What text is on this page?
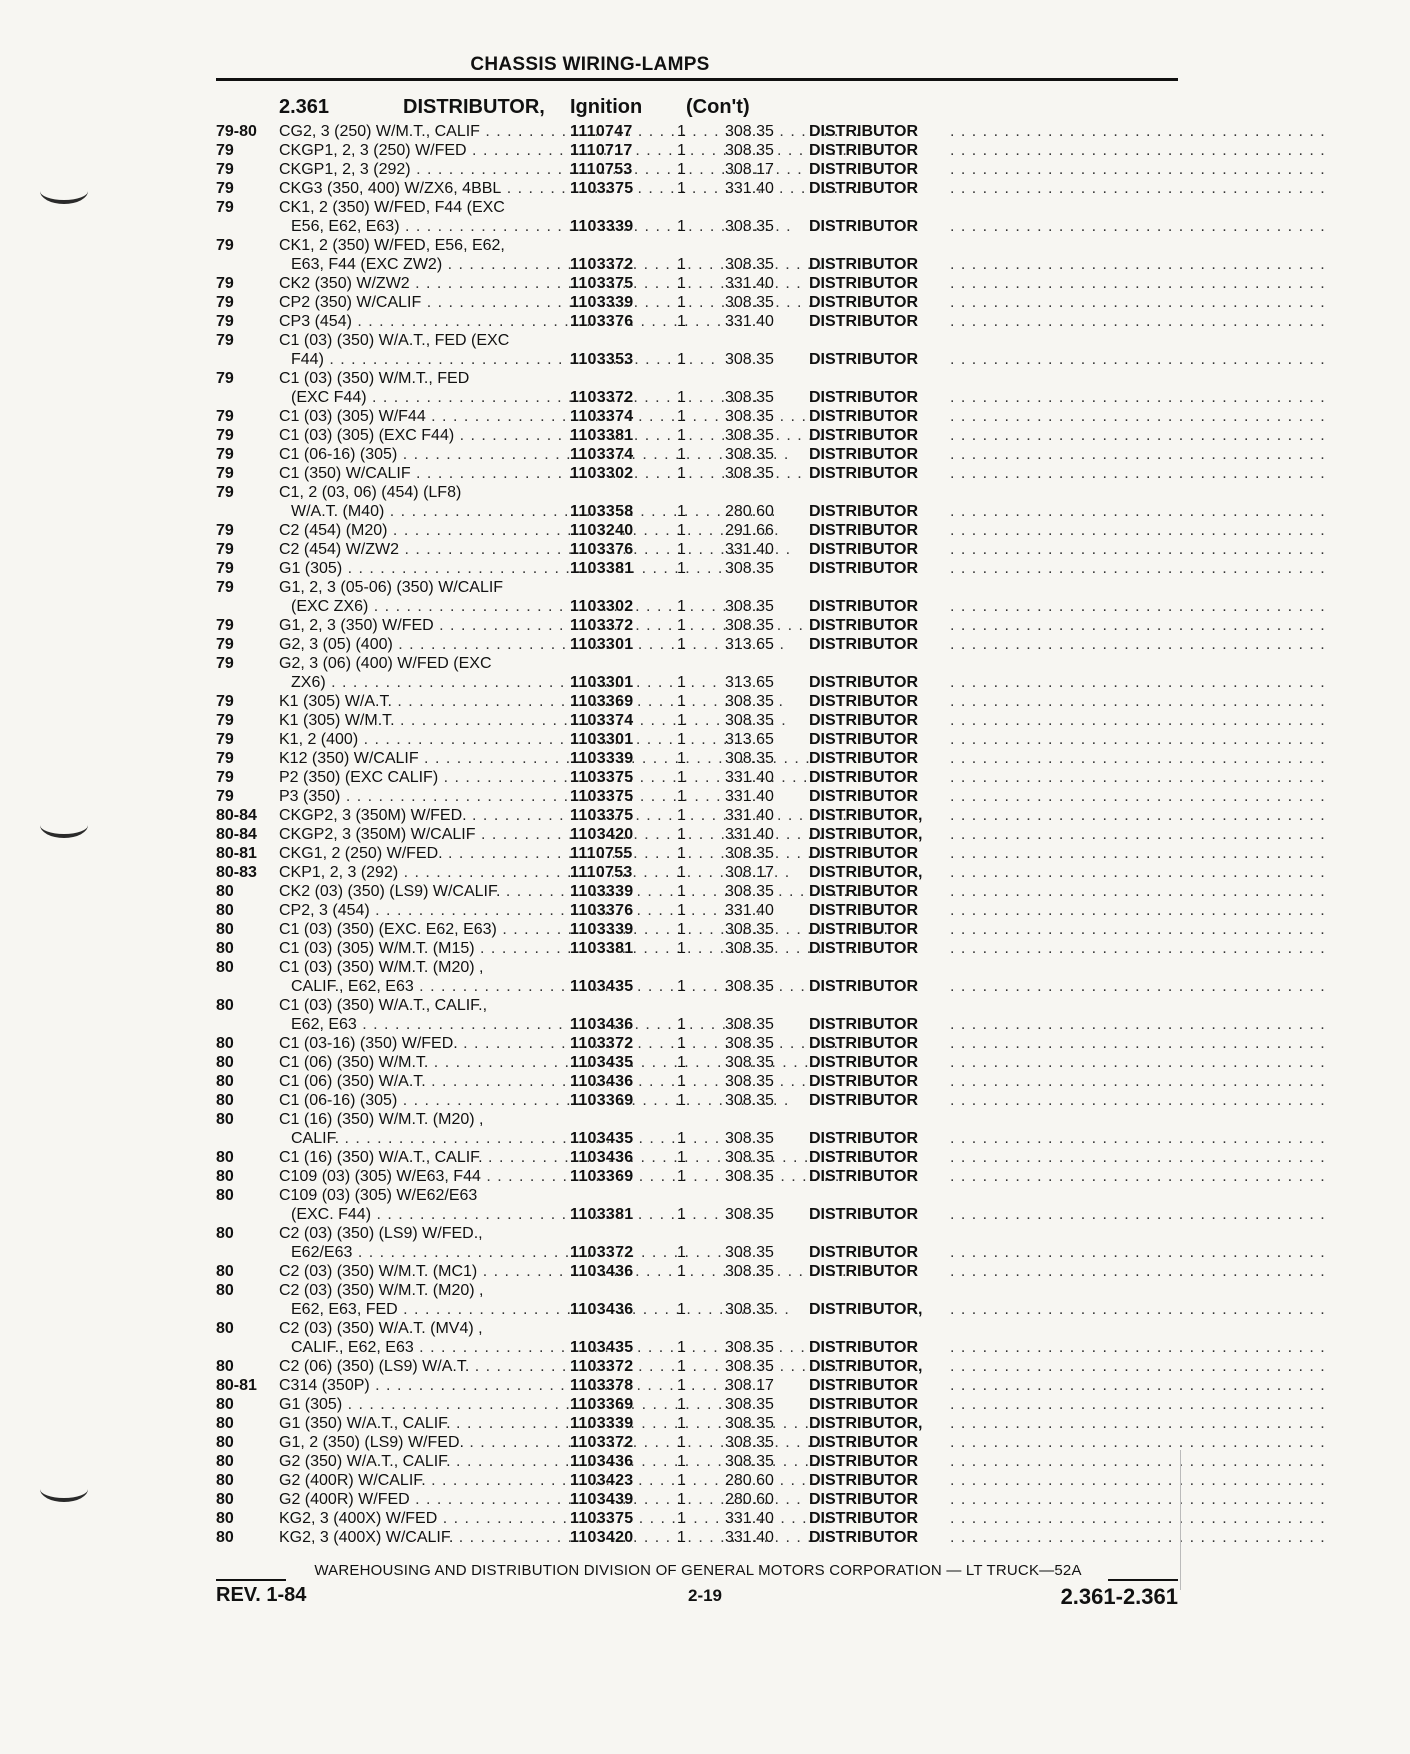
CHASSIS WIRING-LAMPS
2.361	DISTRIBUTOR, Ignition (Con't)
79-80 CG2, 3 (250) W/M.T., CALIF . . .	1110747	1 308.35 DISTRIBUTOR . . . . . . . . . . . . . . . . . . . . . . . . . . . . . . . . . . .
79	CKGP1, 2, 3 (250) W/FED . . .	1110717	1 308.35 DISTRIBUTOR . . . . . . . . . . . . . . . . . . . . . . . . . . . . . . . . . . .
79	CKGP1, 2, 3 (292) . . .	1110753	1 308.17 DISTRIBUTOR . . . . . . . . . . . . . . . . . . . . . . . . . . . . . . . . . . .
79	CKG3 (350, 400) W/ZX6, 4BBL . . .	1103375	1 331.40 DISTRIBUTOR . . . . . . . . . . . . . . . . . . . . . . . . . . . . . . . . . . .
79	CK1, 2 (350) W/FED, F44 (EXC
E56, E62, E63) . . .	1103339	1 308.35 DISTRIBUTOR . . . . . . . . . . . . . . . . . . . . . . . . . . . . . . . . . . .
79	CK1, 2 (350) W/FED, E56, E62,
E63, F44 (EXC ZW2) . . .	1103372	1 308.35 DISTRIBUTOR . . . . . . . . . . . . . . . . . . . . . . . . . . . . . . . . . . .
79	CK2 (350) W/ZW2 . . .	1103375	1 331.40 DISTRIBUTOR . . . . . . . . . . . . . . . . . . . . . . . . . . . . . . . . . . .
79	CP2 (350) W/CALIF . . .	1103339	1 308.35 DISTRIBUTOR . . . . . . . . . . . . . . . . . . . . . . . . . . . . . . . . . . .
79	CP3 (454) . . .	1103376	1 331.40 DISTRIBUTOR . . . . . . . . . . . . . . . . . . . . . . . . . . . . . . . . . . .
79	C1 (03) (350) W/A.T., FED (EXC
F44) . . .	1103353	1 308.35 DISTRIBUTOR . . . . . . . . . . . . . . . . . . . . . . . . . . . . . . . . . . .
79	C1 (03) (350) W/M.T., FED
(EXC F44) . . .	1103372	1 308.35 DISTRIBUTOR . . . . . . . . . . . . . . . . . . . . . . . . . . . . . . . . . . .
79	C1 (03) (305) W/F44 . . .	1103374	1 308.35 DISTRIBUTOR . . . . . . . . . . . . . . . . . . . . . . . . . . . . . . . . . . .
79	C1 (03) (305) (EXC F44) . . .	1103381	1 308.35 DISTRIBUTOR . . . . . . . . . . . . . . . . . . . . . . . . . . . . . . . . . . .
79	C1 (06-16) (305) . . .	1103374	1 308.35 DISTRIBUTOR . . . . . . . . . . . . . . . . . . . . . . . . . . . . . . . . . . .
79	C1 (350) W/CALIF . . .	1103302	1 308.35 DISTRIBUTOR . . . . . . . . . . . . . . . . . . . . . . . . . . . . . . . . . . .
79	C1, 2 (03, 06) (454) (LF8)
W/A.T. (M40) . . .	1103358	1 280.60 DISTRIBUTOR . . . . . . . . . . . . . . . . . . . . . . . . . . . . . . . . . . .
79	C2 (454) (M20) . . .	1103240	1 291.66 DISTRIBUTOR . . . . . . . . . . . . . . . . . . . . . . . . . . . . . . . . . . .
79	C2 (454) W/ZW2 . . .	1103376	1 331.40 DISTRIBUTOR . . . . . . . . . . . . . . . . . . . . . . . . . . . . . . . . . . .
79	G1 (305) . . .	1103381	1 308.35 DISTRIBUTOR . . . . . . . . . . . . . . . . . . . . . . . . . . . . . . . . . . .
79	G1, 2, 3 (05-06) (350) W/CALIF
(EXC ZX6) . . .	1103302	1 308.35 DISTRIBUTOR . . . . . . . . . . . . . . . . . . . . . . . . . . . . . . . . . . .
79	G1, 2, 3 (350) W/FED . . .	1103372	1 308.35 DISTRIBUTOR . . . . . . . . . . . . . . . . . . . . . . . . . . . . . . . . . . .
79	G2, 3 (05) (400) . . .	1103301	1 313.65 DISTRIBUTOR . . . . . . . . . . . . . . . . . . . . . . . . . . . . . . . . . . .
79	G2, 3 (06) (400) W/FED (EXC
ZX6) . . .	1103301	1 313.65 DISTRIBUTOR . . . . . . . . . . . . . . . . . . . . . . . . . . . . . . . . . . .
79	K1 (305) W/A.T. . . .	1103369	1 308.35 DISTRIBUTOR . . . . . . . . . . . . . . . . . . . . . . . . . . . . . . . . . . .
79	K1 (305) W/M.T. . . .	1103374	1 308.35 DISTRIBUTOR . . . . . . . . . . . . . . . . . . . . . . . . . . . . . . . . . . .
79	K1, 2 (400) . . .	1103301	1 313.65 DISTRIBUTOR . . . . . . . . . . . . . . . . . . . . . . . . . . . . . . . . . . .
79	K12 (350) W/CALIF . . .	1103339	1 308.35 DISTRIBUTOR . . . . . . . . . . . . . . . . . . . . . . . . . . . . . . . . . . .
79	P2 (350) (EXC CALIF) . . .	1103375	1 331.40 DISTRIBUTOR . . . . . . . . . . . . . . . . . . . . . . . . . . . . . . . . . . .
79	P3 (350) . . .	1103375	1 331.40 DISTRIBUTOR . . . . . . . . . . . . . . . . . . . . . . . . . . . . . . . . . . .
80-84 CKGP2, 3 (350M) W/FED. . . .	1103375	1 331.40 DISTRIBUTOR, . . . . . . . . . . . . . . . . . . . . . . . . . . . . . . . . . . .
80-84 CKGP2, 3 (350M) W/CALIF . . .	1103420	1 331.40 DISTRIBUTOR, . . . . . . . . . . . . . . . . . . . . . . . . . . . . . . . . . . .
80-81 CKG1, 2 (250) W/FED. . . .	1110755	1 308.35 DISTRIBUTOR . . . . . . . . . . . . . . . . . . . . . . . . . . . . . . . . . . .
80-83 CKP1, 2, 3 (292) . . .	1110753	1 308.17 DISTRIBUTOR, . . . . . . . . . . . . . . . . . . . . . . . . . . . . . . . . . . .
80	CK2 (03) (350) (LS9) W/CALIF. . . .	1103339	1 308.35 DISTRIBUTOR . . . . . . . . . . . . . . . . . . . . . . . . . . . . . . . . . . .
80	CP2, 3 (454) . . .	1103376	1 331.40 DISTRIBUTOR . . . . . . . . . . . . . . . . . . . . . . . . . . . . . . . . . . .
80	C1 (03) (350) (EXC. E62, E63) . . .	1103339	1 308.35 DISTRIBUTOR . . . . . . . . . . . . . . . . . . . . . . . . . . . . . . . . . . .
80	C1 (03) (305) W/M.T. (M15) . . .	1103381	1 308.35 DISTRIBUTOR . . . . . . . . . . . . . . . . . . . . . . . . . . . . . . . . . . .
80	C1 (03) (350) W/M.T. (M20) ,
CALIF., E62, E63 . . .	1103435	1 308.35 DISTRIBUTOR . . . . . . . . . . . . . . . . . . . . . . . . . . . . . . . . . . .
80	C1 (03) (350) W/A.T., CALIF.,
E62, E63 . . .	1103436	1 308.35 DISTRIBUTOR . . . . . . . . . . . . . . . . . . . . . . . . . . . . . . . . . . .
80	C1 (03-16) (350) W/FED. . . .	1103372	1 308.35 DISTRIBUTOR . . . . . . . . . . . . . . . . . . . . . . . . . . . . . . . . . . .
80	C1 (06) (350) W/M.T. . . .	1103435	1 308.35 DISTRIBUTOR . . . . . . . . . . . . . . . . . . . . . . . . . . . . . . . . . . .
80	C1 (06) (350) W/A.T. . . .	1103436	1 308.35 DISTRIBUTOR . . . . . . . . . . . . . . . . . . . . . . . . . . . . . . . . . . .
80	C1 (06-16) (305) . . .	1103369	1 308.35 DISTRIBUTOR . . . . . . . . . . . . . . . . . . . . . . . . . . . . . . . . . . .
80	C1 (16) (350) W/M.T. (M20) ,
CALIF. . . .	1103435	1 308.35 DISTRIBUTOR . . . . . . . . . . . . . . . . . . . . . . . . . . . . . . . . . . .
80	C1 (16) (350) W/A.T., CALIF. . . .	1103436	1 308.35 DISTRIBUTOR . . . . . . . . . . . . . . . . . . . . . . . . . . . . . . . . . . .
80	C109 (03) (305) W/E63, F44 . . .	1103369	1 308.35 DISTRIBUTOR . . . . . . . . . . . . . . . . . . . . . . . . . . . . . . . . . . .
80	C109 (03) (305) W/E62/E63
(EXC. F44) . . .	1103381	1 308.35 DISTRIBUTOR . . . . . . . . . . . . . . . . . . . . . . . . . . . . . . . . . . .
80	C2 (03) (350) (LS9) W/FED.,
E62/E63 . . .	1103372	1 308.35 DISTRIBUTOR . . . . . . . . . . . . . . . . . . . . . . . . . . . . . . . . . . .
80	C2 (03) (350) W/M.T. (MC1) . . .	1103436	1 308.35 DISTRIBUTOR . . . . . . . . . . . . . . . . . . . . . . . . . . . . . . . . . . .
80	C2 (03) (350) W/M.T. (M20) ,
E62, E63, FED . . .	1103436	1 308.35 DISTRIBUTOR, . . . . . . . . . . . . . . . . . . . . . . . . . . . . . . . . . . .
80	C2 (03) (350) W/A.T. (MV4) ,
CALIF., E62, E63 . . .	1103435	1 308.35 DISTRIBUTOR . . . . . . . . . . . . . . . . . . . . . . . . . . . . . . . . . . .
80	C2 (06) (350) (LS9) W/A.T. . . .	1103372	1 308.35 DISTRIBUTOR, . . . . . . . . . . . . . . . . . . . . . . . . . . . . . . . . . . .
80-81 C314 (350P) . . .	1103378	1 308.17 DISTRIBUTOR . . . . . . . . . . . . . . . . . . . . . . . . . . . . . . . . . . .
80	G1 (305) . . .	1103369	1 308.35 DISTRIBUTOR . . . . . . . . . . . . . . . . . . . . . . . . . . . . . . . . . . .
80	G1 (350) W/A.T., CALIF. . . .	1103339	1 308.35 DISTRIBUTOR, . . . . . . . . . . . . . . . . . . . . . . . . . . . . . . . . . . .
80	G1, 2 (350) (LS9) W/FED. . . .	1103372	1 308.35 DISTRIBUTOR . . . . . . . . . . . . . . . . . . . . . . . . . . . . . . . . . . .
80	G2 (350) W/A.T., CALIF. . . .	1103436	1 308.35 DISTRIBUTOR . . . . . . . . . . . . . . . . . . . . . . . . . . . . . . . . . . .
80	G2 (400R) W/CALIF. . . .	1103423	1 280.60 DISTRIBUTOR . . . . . . . . . . . . . . . . . . . . . . . . . . . . . . . . . . .
80	G2 (400R) W/FED . . .	1103439	1 280.60 DISTRIBUTOR . . . . . . . . . . . . . . . . . . . . . . . . . . . . . . . . . . .
80	KG2, 3 (400X) W/FED . . .	1103375	1 331.40 DISTRIBUTOR . . . . . . . . . . . . . . . . . . . . . . . . . . . . . . . . . . .
80	KG2, 3 (400X) W/CALIF. . . .	1103420	1 331.40 DISTRIBUTOR . . . . . . . . . . . . . . . . . . . . . . . . . . . . . . . . . . .
WAREHOUSING AND DISTRIBUTION DIVISION OF GENERAL MOTORS CORPORATION — LT TRUCK—52A
REV. 1-84	2-19	2.361-2.361
